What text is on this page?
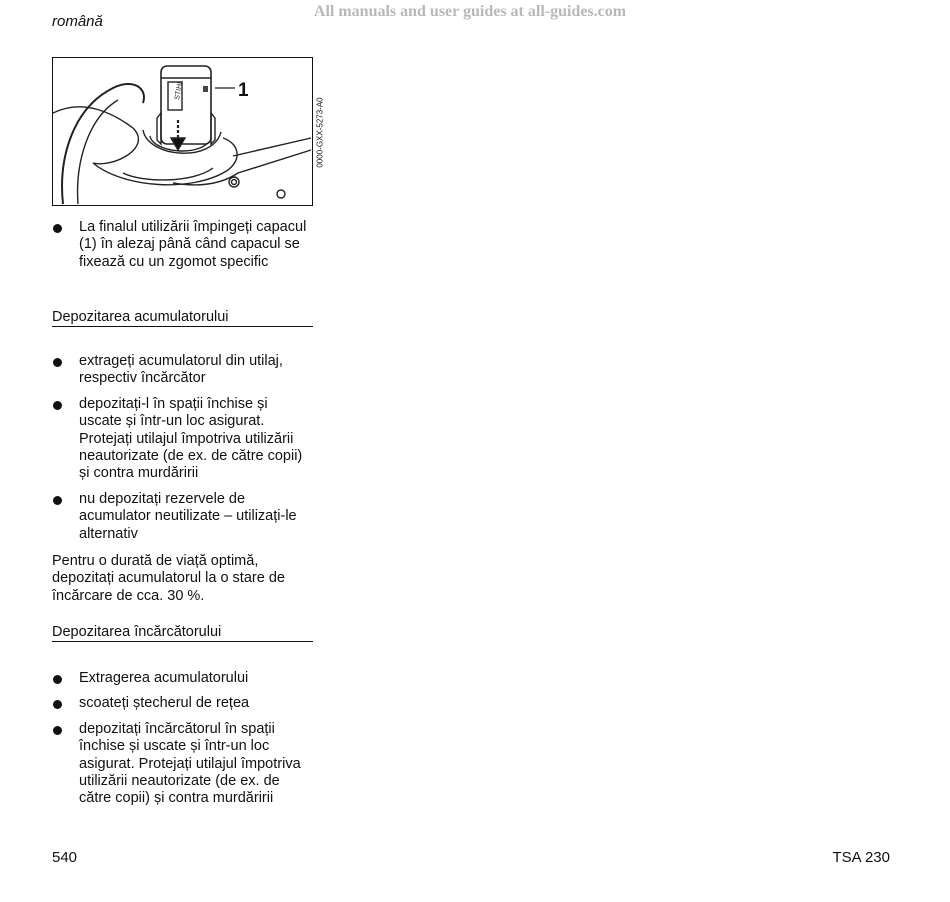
All manuals and user guides at all-guides.com
română
STIHL	1
0000-GXX-5273-A0
La finalul utilizării împingeți capacul (1) în alezaj până când capacul se fixează cu un zgomot specific
Depozitarea acumulatorului
extrageți acumulatorul din utilaj, respectiv încărcător
depozitați-l în spații închise și uscate și într-un loc asigurat. Protejați utilajul împotriva utilizării neautorizate (de ex. de către copii) și contra murdăririi
nu depozitați rezervele de acumulator neutilizate – utilizați-le alternativ
Pentru o durată de viață optimă, depozitați acumulatorul la o stare de încărcare de cca. 30 %.
Depozitarea încărcătorului
Extragerea acumulatorului
scoateți ștecherul de rețea
depozitați încărcătorul în spații închise și uscate și într-un loc asigurat. Protejați utilajul împotriva utilizării neautorizate (de ex. de către copii) și contra murdăririi
540	TSA 230
